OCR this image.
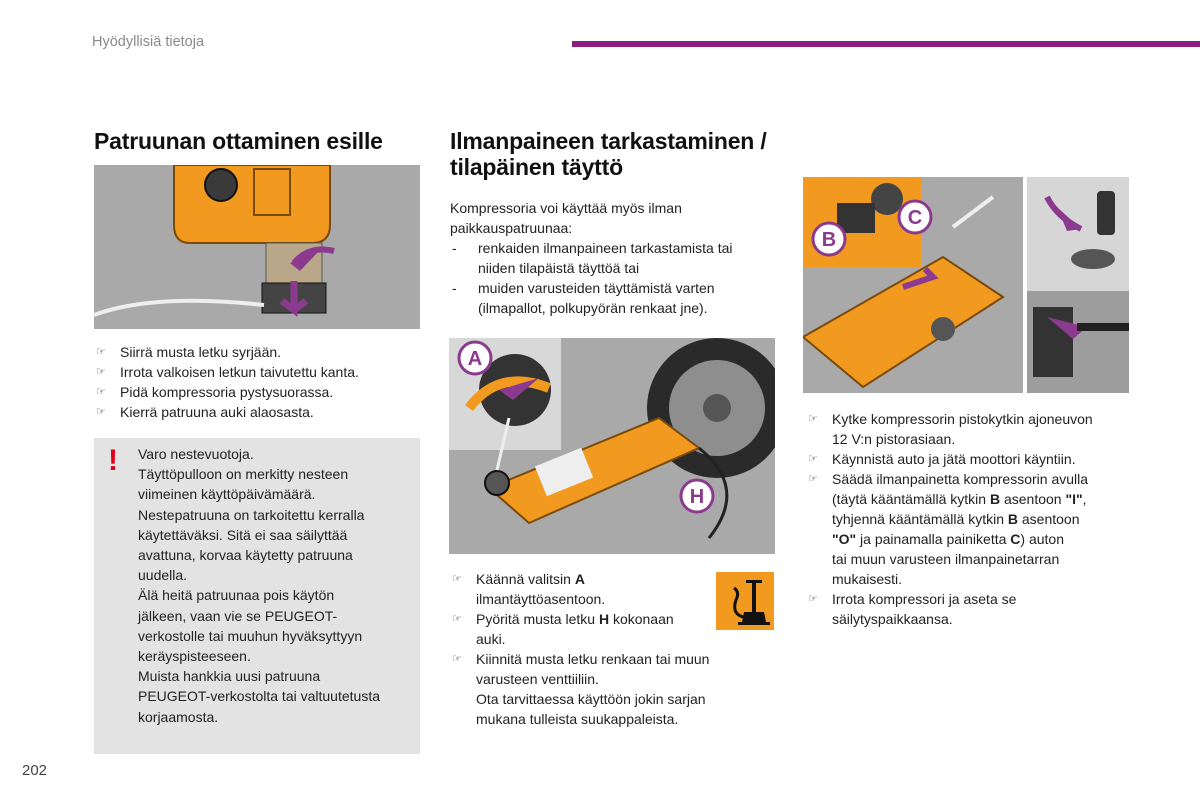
Hyödyllisiä tietoja
Patruunan ottaminen esille
☞ Siirrä musta letku syrjään.
☞ Irrota valkoisen letkun taivutettu kanta.
☞ Pidä kompressoria pystysuorassa.
☞ Kierrä patruuna auki alaosasta.
!	Varo nestevuotoja.
Täyttöpulloon on merkitty nesteen
viimeinen käyttöpäivämäärä.
Nestepatruuna on tarkoitettu kerralla
käytettäväksi. Sitä ei saa säilyttää
avattuna, korvaa käytetty patruuna
uudella.
Älä heitä patruunaa pois käytön
jälkeen, vaan vie se PEUGEOT-
verkostolle tai muuhun hyväksyttyyn
keräyspisteeseen.
Muista hankkia uusi patruuna
PEUGEOT-verkostolta tai valtuutetusta
korjaamosta.
Ilmanpaineen tarkastaminen /
tilapäinen täyttö
Kompressoria voi käyttää myös ilman
paikkauspatruunaa:
- renkaiden ilmanpaineen tarkastamista tai
niiden tilapäistä täyttöä tai
- muiden varusteiden täyttämistä varten
(ilmapallot, polkupyörän renkaat jne).
A
H
☞ Käännä valitsin A
ilmantäyttöasentoon.
☞ Pyöritä musta letku H kokonaan
auki.
☞ Kiinnitä musta letku renkaan tai muun
varusteen venttiiliin.
Ota tarvittaessa käyttöön jokin sarjan
mukana tulleista suukappaleista.
B
C
☞ Kytke kompressorin pistokytkin ajoneuvon
12 V:n pistorasiaan.
☞ Käynnistä auto ja jätä moottori käyntiin.
☞ Säädä ilmanpainetta kompressorin avulla
(täytä kääntämällä kytkin B asentoon "I",
tyhjennä kääntämällä kytkin B asentoon
"O" ja painamalla painiketta C) auton
tai muun varusteen ilmanpainetarran
mukaisesti.
☞ Irrota kompressori ja aseta se
säilytyspaikkaansa.
202
